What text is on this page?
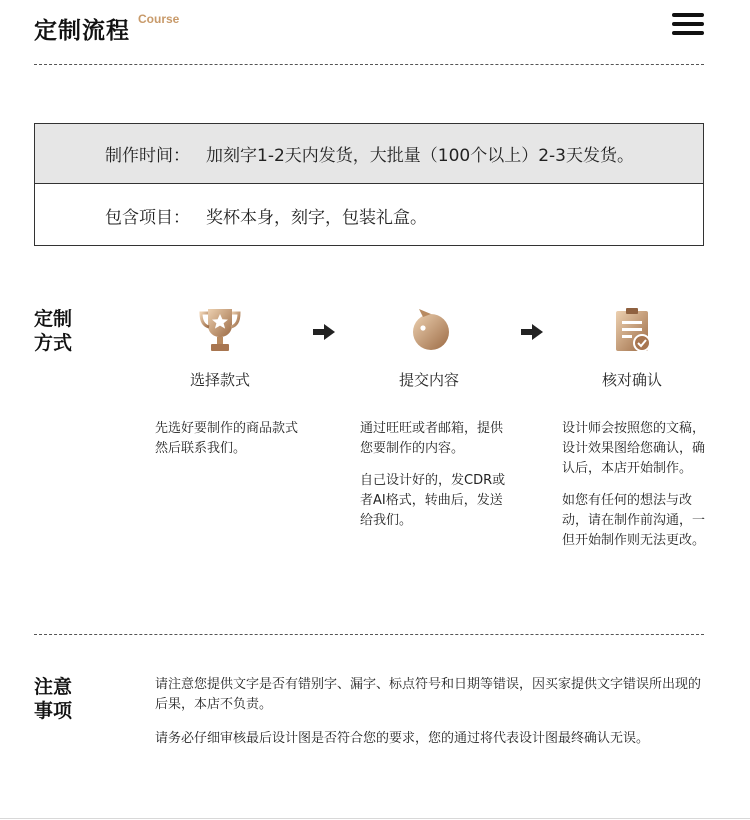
定制流程 Course
制作时间： 加刻字1-2天内发货，大批量（100个以上）2-3天发货。
包含项目： 奖杯本身，刻字，包装礼盒。
定制
方式
选择款式	提交内容	核对确认

先选好要制作的商品款式然后联系我们。

通过旺旺或者邮箱，提供您要制作的内容。

自己设计好的，发CDR或者AI格式，转曲后，发送给我们。

设计师会按照您的文稿，设计效果图给您确认，确认后，本店开始制作。

如您有任何的想法与改动，请在制作前沟通，一但开始制作则无法更改。

注意
事项

请注意您提供文字是否有错别字、漏字、标点符号和日期等错误，因买家提供文字错误所出现的后果，本店不负责。

请务必仔细审核最后设计图是否符合您的要求，您的通过将代表设计图最终确认无误。
